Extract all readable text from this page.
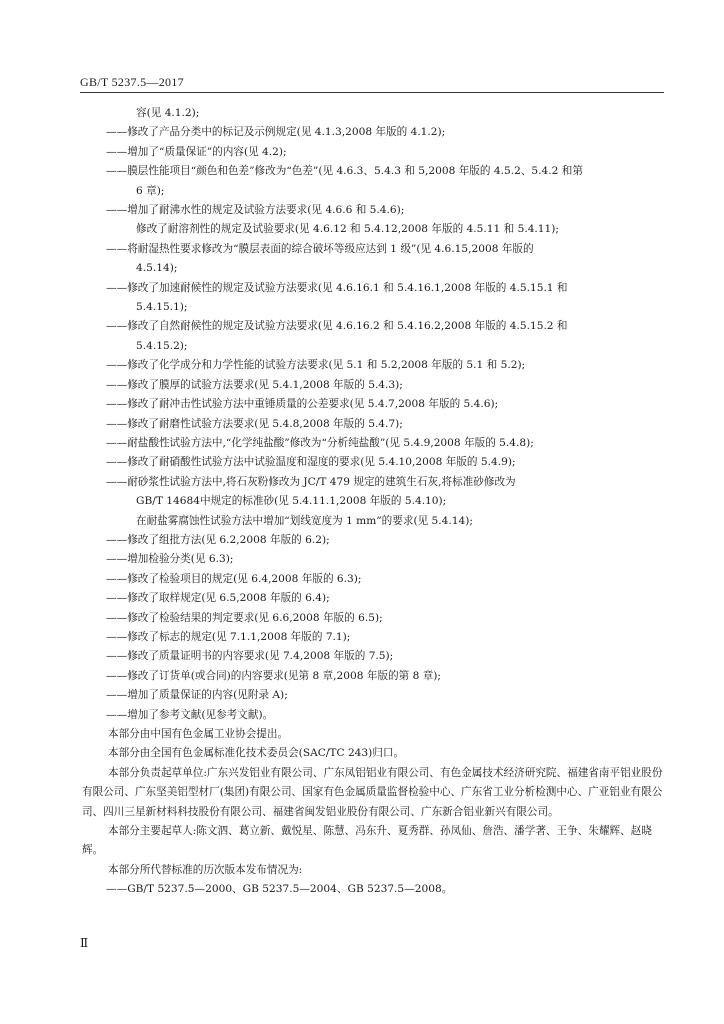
GB/T 5237.5—2017
容(见 4.1.2);
——修改了产品分类中的标记及示例规定(见 4.1.3,2008 年版的 4.1.2);
——增加了“质量保证”的内容(见 4.2);
——膜层性能项目“颜色和色差”修改为“色差”(见 4.6.3、5.4.3 和 5,2008 年版的 4.5.2、5.4.2 和第
6 章);
——增加了耐沸水性的规定及试验方法要求(见 4.6.6 和 5.4.6);
修改了耐溶剂性的规定及试验要求(见 4.6.12 和 5.4.12,2008 年版的 4.5.11 和 5.4.11);
——将耐湿热性要求修改为“膜层表面的综合破坏等级应达到 1 级”(见 4.6.15,2008 年版的
4.5.14);
——修改了加速耐候性的规定及试验方法要求(见 4.6.16.1 和 5.4.16.1,2008 年版的 4.5.15.1 和
5.4.15.1);
——修改了自然耐候性的规定及试验方法要求(见 4.6.16.2 和 5.4.16.2,2008 年版的 4.5.15.2 和
5.4.15.2);
——修改了化学成分和力学性能的试验方法要求(见 5.1 和 5.2,2008 年版的 5.1 和 5.2);
——修改了膜厚的试验方法要求(见 5.4.1,2008 年版的 5.4.3);
——修改了耐冲击性试验方法中重锤质量的公差要求(见 5.4.7,2008 年版的 5.4.6);
——修改了耐磨性试验方法要求(见 5.4.8,2008 年版的 5.4.7);
——耐盐酸性试验方法中,“化学纯盐酸”修改为“分析纯盐酸”(见 5.4.9,2008 年版的 5.4.8);
——修改了耐硝酸性试验方法中试验温度和湿度的要求(见 5.4.10,2008 年版的 5.4.9);
——耐砂浆性试验方法中,将石灰粉修改为 JC/T 479 规定的建筑生石灰,将标准砂修改为
GB/T 14684中规定的标准砂(见 5.4.11.1,2008 年版的 5.4.10);
在耐盐雾腐蚀性试验方法中增加“划线宽度为 1 mm”的要求(见 5.4.14);
——修改了组批方法(见 6.2,2008 年版的 6.2);
——增加检验分类(见 6.3);
——修改了检验项目的规定(见 6.4,2008 年版的 6.3);
——修改了取样规定(见 6.5,2008 年版的 6.4);
——修改了检验结果的判定要求(见 6.6,2008 年版的 6.5);
——修改了标志的规定(见 7.1.1,2008 年版的 7.1);
——修改了质量证明书的内容要求(见 7.4,2008 年版的 7.5);
——修改了订货单(或合同)的内容要求(见第 8 章,2008 年版的第 8 章);
——增加了质量保证的内容(见附录 A);
——增加了参考文献(见参考文献)。
本部分由中国有色金属工业协会提出。
本部分由全国有色金属标准化技术委员会(SAC/TC 243)归口。
本部分负责起草单位:广东兴发铝业有限公司、广东凤铝铝业有限公司、有色金属技术经济研究院、福建省南平铝业股份有限公司、广东坚美铝型材厂(集团)有限公司、国家有色金属质量监督检验中心、广东省工业分析检测中心、广亚铝业有限公司、四川三星新材料科技股份有限公司、福建省闽发铝业股份有限公司、广东新合铝业新兴有限公司。
本部分主要起草人:陈文泗、葛立新、戴悦星、陈慧、冯东升、夏秀群、孙凤仙、詹浩、潘学著、王争、朱耀辉、赵晓辉。
本部分所代替标准的历次版本发布情况为:
——GB/T 5237.5—2000、GB 5237.5—2004、GB 5237.5—2008。
Ⅱ
